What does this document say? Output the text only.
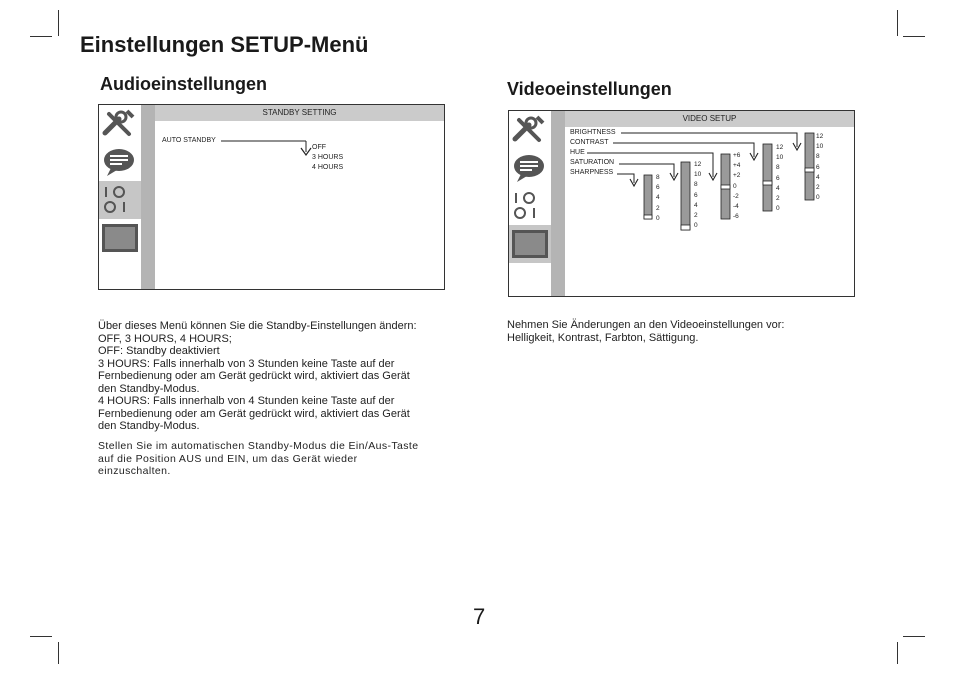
Einstellungen SETUP-Menü
Audioeinstellungen
STANDBY SETTING
AUTO STANDBY
OFF
3 HOURS
4 HOURS

Über dieses Menü können Sie die Standby-Einstellungen ändern:

OFF, 3 HOURS, 4 HOURS;

OFF: Standby deaktiviert

3 HOURS: Falls innerhalb von 3 Stunden keine Taste auf der

Fernbedienung oder am Gerät gedrückt wird, aktiviert das Gerät

den Standby-Modus.

4 HOURS: Falls innerhalb von 4 Stunden keine Taste auf der

Fernbedienung oder am Gerät gedrückt wird, aktiviert das Gerät

den Standby-Modus.

Stellen Sie im automatischen Standby-Modus die Ein/Aus-Taste

auf die Position AUS und EIN, um das Gerät wieder

einzuschalten.

Videoeinstellungen
VIDEO SETUP
BRIGHTNESS
CONTRAST
HUE
SATURATION
SHARPNESS
8
6
4
2
0
12
10
8
6
4
2
0
+6
+4
+2
0
-2
-4
-6
12
10
8
6
4
2
0
12
10
8
6
4
2
0

Nehmen Sie Änderungen an den Videoeinstellungen vor:

Helligkeit, Kontrast, Farbton, Sättigung.

7
